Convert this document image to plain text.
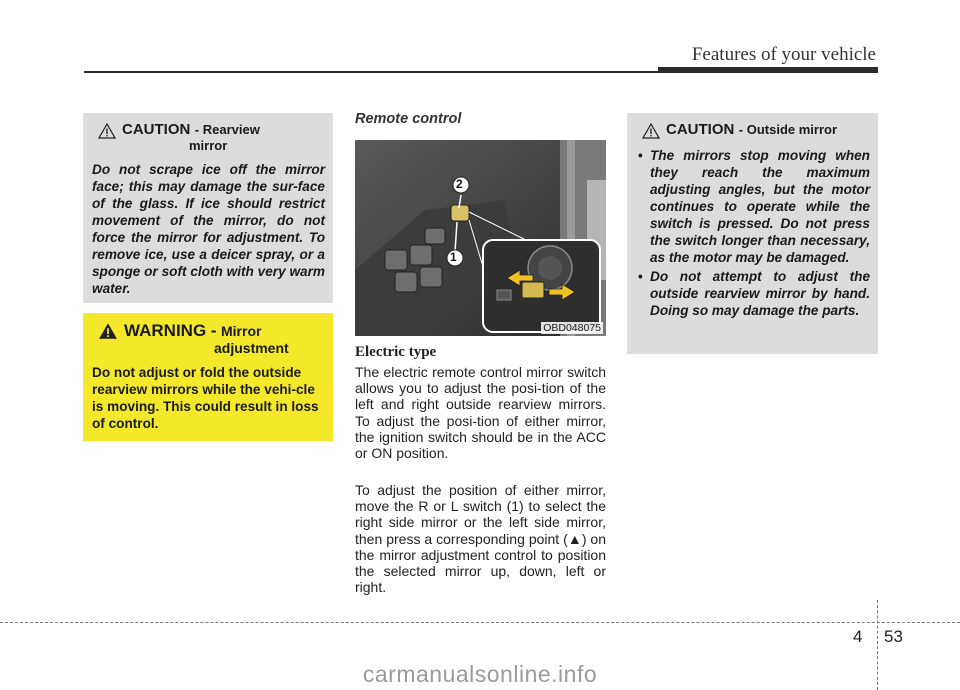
Features of your vehicle
CAUTION - Rearview
mirror
Do not scrape ice off the mirror face; this may damage the sur-face of the glass. If ice should restrict movement of the mirror, do not force the mirror for adjustment. To remove ice, use a deicer spray, or a sponge or soft cloth with very warm water.
WARNING - Mirror
adjustment
Do not adjust or fold the outside rearview mirrors while the vehi-cle is moving. This could result in loss of control.
Remote control
2
1
OBD048075
Electric type
The electric remote control mirror switch allows you to adjust the posi-tion of the left and right outside rearview mirrors. To adjust the posi-tion of either mirror, the ignition switch should be in the ACC or ON position.
To adjust the position of either mirror, move the R or L switch (1) to select the right side mirror or the left side mirror, then press a corresponding point (▲) on the mirror adjustment control to position the selected mirror up, down, left or right.
CAUTION - Outside mirror
• The mirrors stop moving when they reach the maximum adjusting angles, but the motor continues to operate while the switch is pressed. Do not press the switch longer than necessary, as the motor may be damaged.
• Do not attempt to adjust the outside rearview mirror by hand. Doing so may damage the parts.
4 53
carmanualsonline.info
